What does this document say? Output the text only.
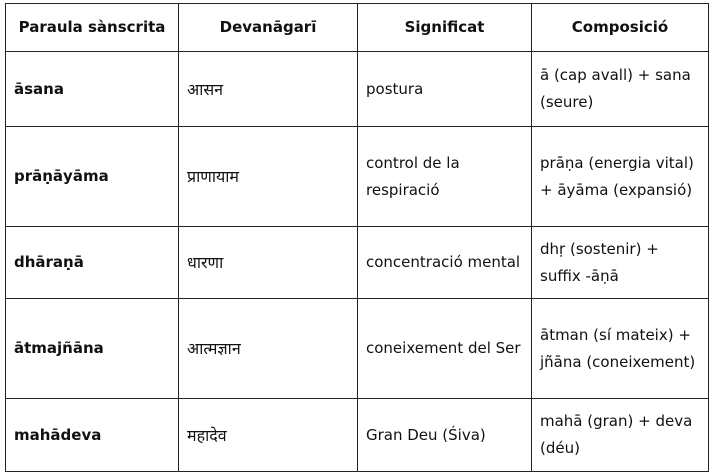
Paraula sànscrita	Devanāgarī	Significat	Composició
āsana	आसन	postura	ā (cap avall) + sana (seure)
prāṇāyāma	प्राणायाम	control de la respiració	prāṇa (energia vital) + āyāma (expansió)
dhāraṇā	धारणा	concentració mental	dhṛ (sostenir) + suffix -āṇā
ātmajñāna	आत्मज्ञान	coneixement del Ser	ātman (sí mateix) + jñāna (coneixement)
mahādeva	महादेव	Gran Deu (Śiva)	mahā (gran) + deva (déu)
